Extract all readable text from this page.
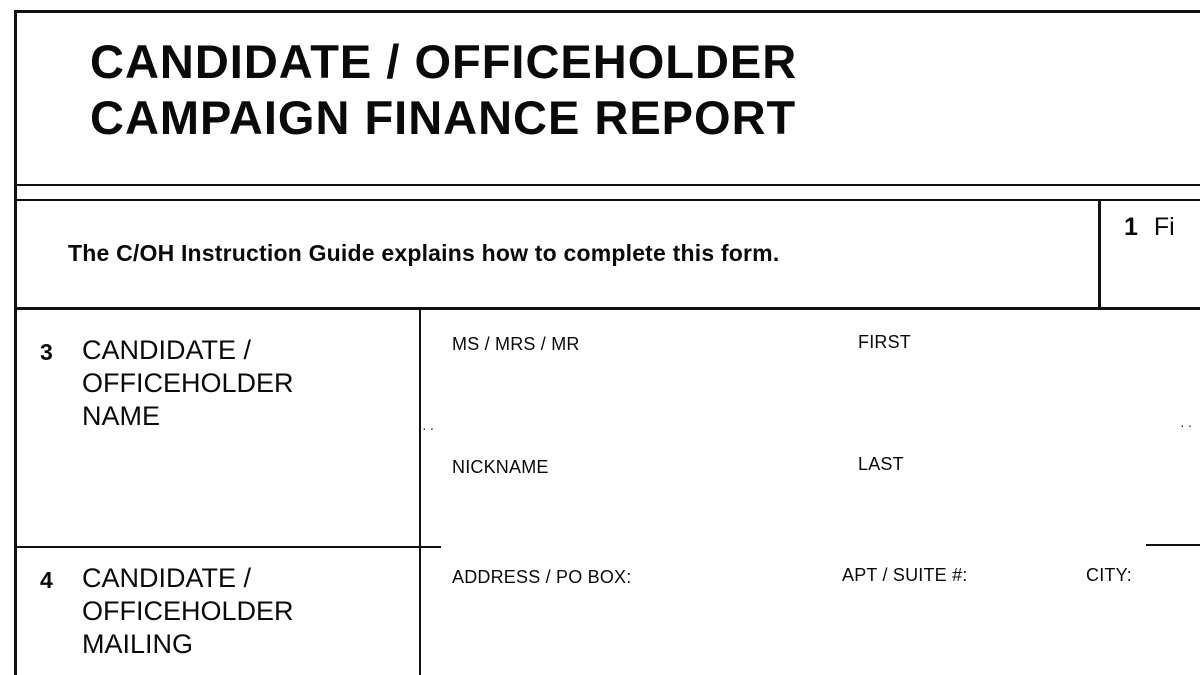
CANDIDATE / OFFICEHOLDER
CAMPAIGN FINANCE REPORT
The C/OH Instruction Guide explains how to complete this form.
1 Fi
3 CANDIDATE /
OFFICEHOLDER
NAME
MS / MRS / MR	FIRST
NICKNAME	LAST
··	··
4 CANDIDATE /
OFFICEHOLDER
MAILING
ADDRESS / PO BOX:	APT / SUITE #:	CITY:
